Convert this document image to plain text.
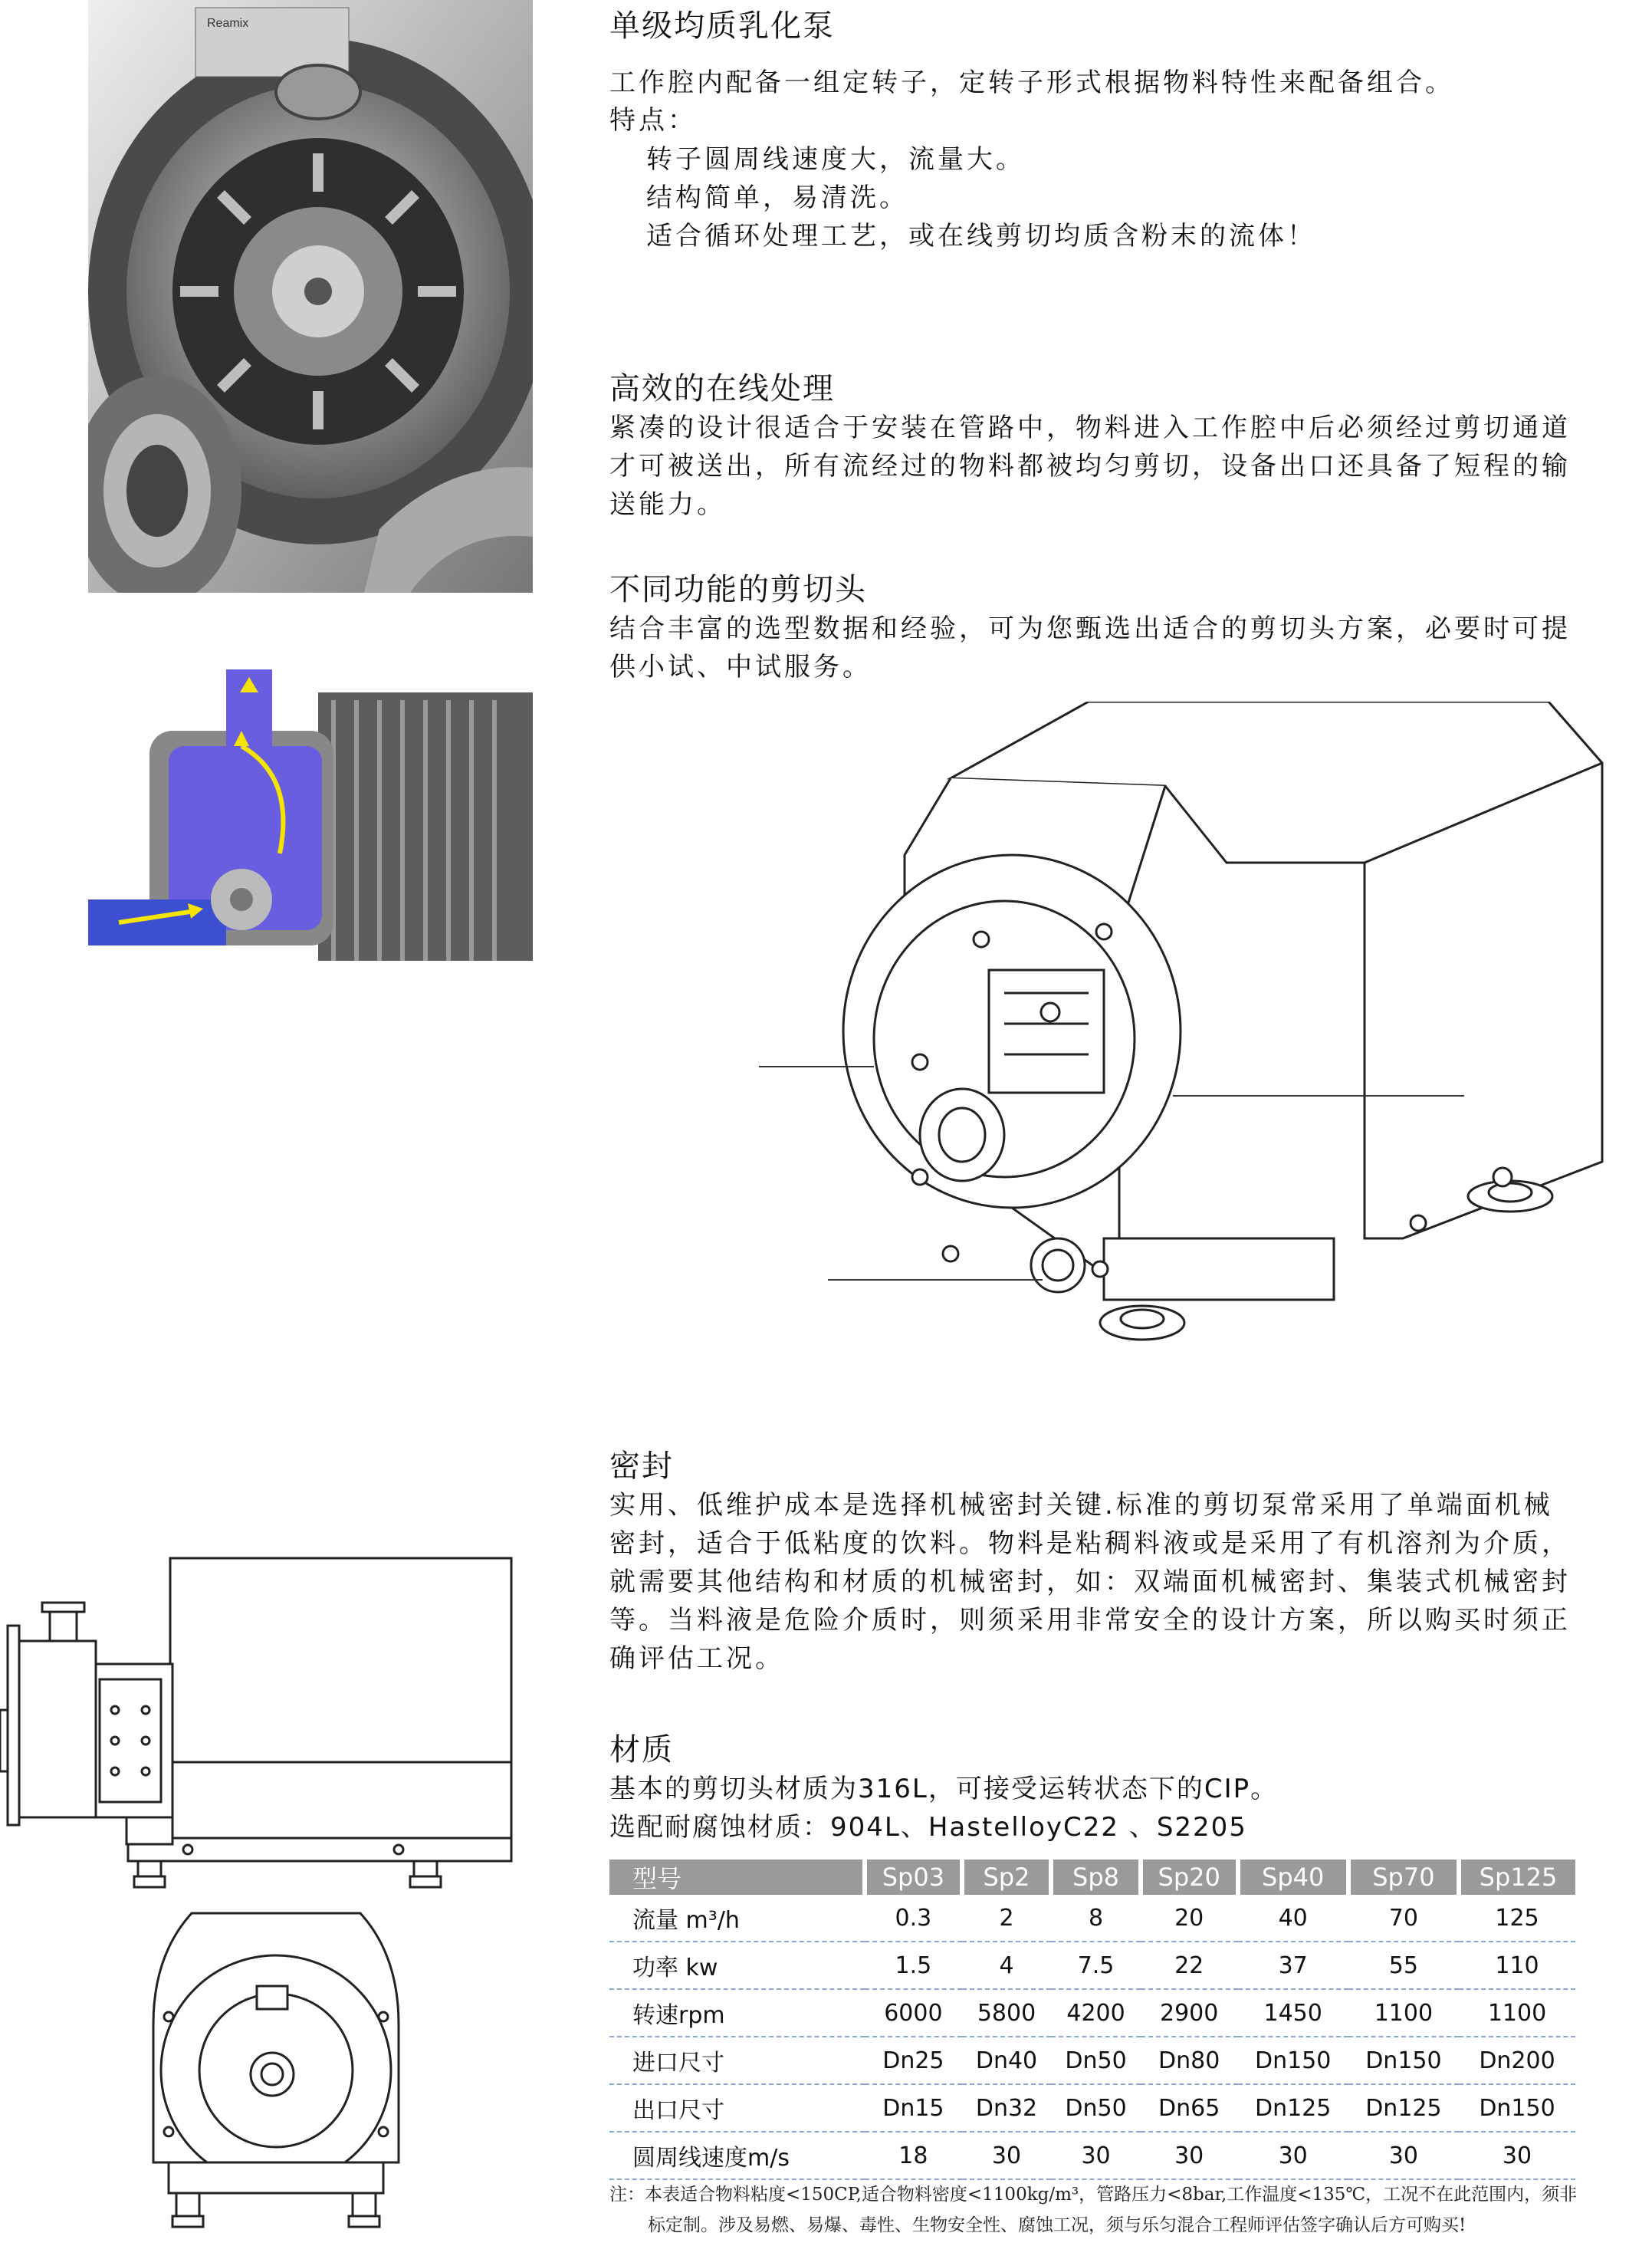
Reamix	单级均质乳化泵
工作腔内配备一组定转子，定转子形式根据物料特性来配备组合。
特点：
转子圆周线速度大，流量大。
结构简单，易清洗。
适合循环处理工艺，或在线剪切均质含粉末的流体！
高效的在线处理
紧凑的设计很适合于安装在管路中，物料进入工作腔中后必须经过剪切通道
才可被送出，所有流经过的物料都被均匀剪切，设备出口还具备了短程的输
送能力。
不同功能的剪切头
结合丰富的选型数据和经验，可为您甄选出适合的剪切头方案，必要时可提
供小试、中试服务。
密封
实用、低维护成本是选择机械密封关键.标准的剪切泵常采用了单端面机械
密封，适合于低粘度的饮料。物料是粘稠料液或是采用了有机溶剂为介质，
就需要其他结构和材质的机械密封，如：双端面机械密封、集装式机械密封
等。当料液是危险介质时，则须采用非常安全的设计方案，所以购买时须正
确评估工况。
材质
基本的剪切头材质为316L，可接受运转状态下的CIP。
选配耐腐蚀材质：904L、HastelloyC22 、S2205
型号	Sp03	Sp2	Sp8	Sp20	Sp40	Sp70	Sp125
流量 m³/h	0.3	2	8	20	40	70	125
功率 kw	1.5	4	7.5	22	37	55	110
转速rpm	6000	5800	4200	2900	1450	1100	1100
进口尺寸	Dn25	Dn40	Dn50	Dn80	Dn150	Dn150	Dn200
出口尺寸	Dn15	Dn32	Dn50	Dn65	Dn125	Dn125	Dn150
圆周线速度m/s	18	30	30	30	30	30	30
注：本表适合物料粘度<150CP,适合物料密度<1100kg/m³，管路压力<8bar,工作温度<135℃，工况不在此范围内，须非
标定制。涉及易燃、易爆、毒性、生物安全性、腐蚀工况，须与乐匀混合工程师评估签字确认后方可购买!
